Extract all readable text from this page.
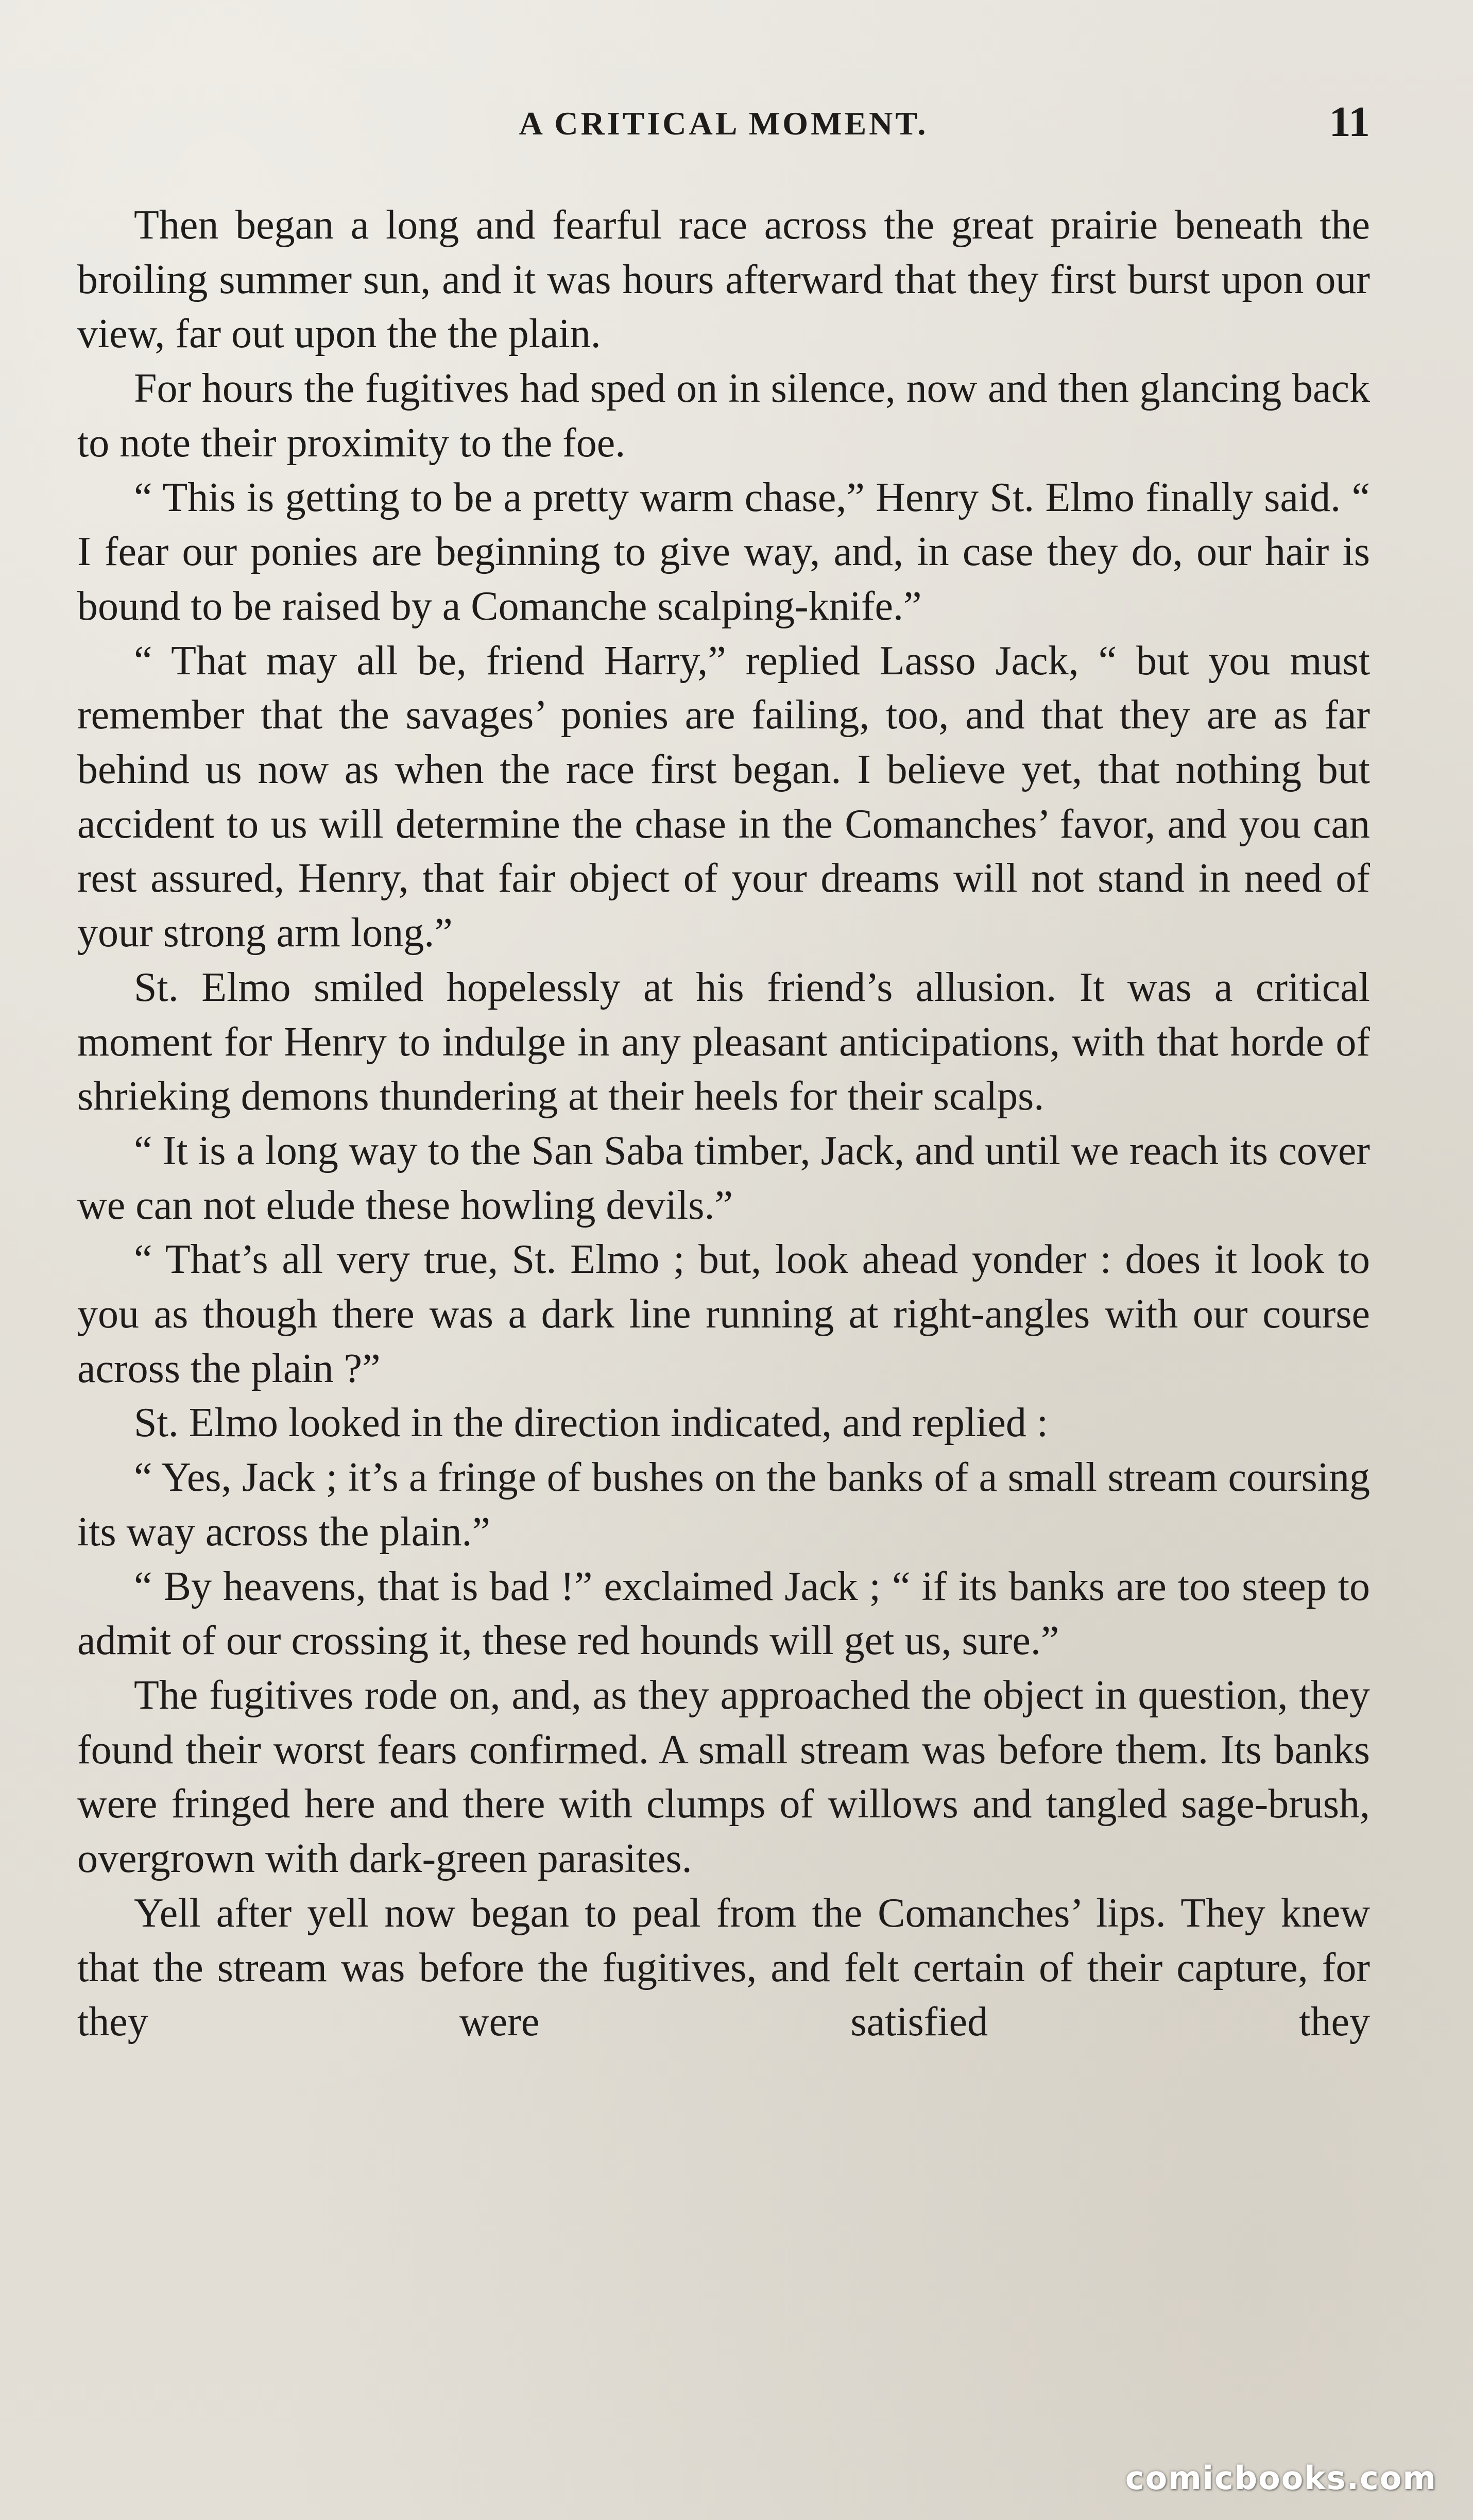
A CRITICAL MOMENT.	11

Then began a long and fearful race across the great prairie beneath the broiling summer sun, and it was hours afterward that they first burst upon our view, far out upon the the plain.

For hours the fugitives had sped on in silence, now and then glancing back to note their proximity to the foe.

“ This is getting to be a pretty warm chase,” Henry St. Elmo finally said. “ I fear our ponies are beginning to give way, and, in case they do, our hair is bound to be raised by a Comanche scalping-knife.”

“ That may all be, friend Harry,” replied Lasso Jack, “ but you must remember that the savages’ ponies are failing, too, and that they are as far behind us now as when the race first began. I believe yet, that nothing but accident to us will determine the chase in the Comanches’ favor, and you can rest assured, Henry, that fair object of your dreams will not stand in need of your strong arm long.”

St. Elmo smiled hopelessly at his friend’s allusion. It was a critical moment for Henry to indulge in any pleasant anticipations, with that horde of shrieking demons thundering at their heels for their scalps.

“ It is a long way to the San Saba timber, Jack, and until we reach its cover we can not elude these howling devils.”

“ That’s all very true, St. Elmo ; but, look ahead yonder : does it look to you as though there was a dark line running at right-angles with our course across the plain ?”

St. Elmo looked in the direction indicated, and replied :

“ Yes, Jack ; it’s a fringe of bushes on the banks of a small stream coursing its way across the plain.”

“ By heavens, that is bad !” exclaimed Jack ; “ if its banks are too steep to admit of our crossing it, these red hounds will get us, sure.”

The fugitives rode on, and, as they approached the object in question, they found their worst fears confirmed. A small stream was before them. Its banks were fringed here and there with clumps of willows and tangled sage-brush, overgrown with dark-green parasites.

Yell after yell now began to peal from the Comanches’ lips. They knew that the stream was before the fugitives, and felt certain of their capture, for they were satisfied they

comicbooks.com
